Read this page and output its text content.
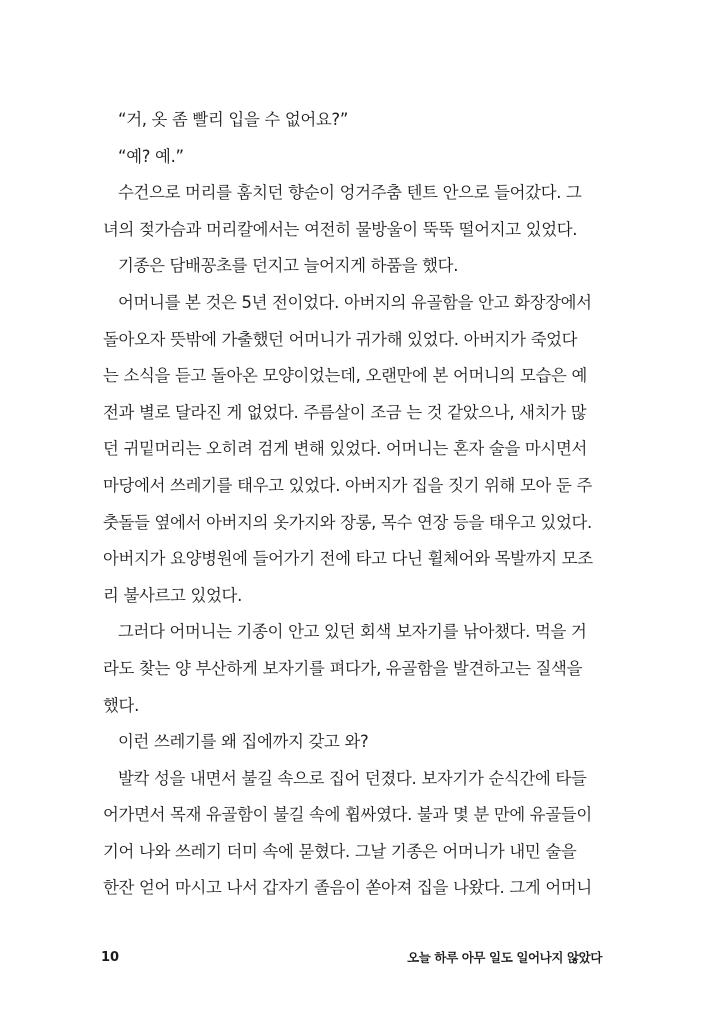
“거, 옷 좀 빨리 입을 수 없어요?”
“예? 예.”
수건으로 머리를 훔치던 향순이 엉거주춤 텐트 안으로 들어갔다. 그
녀의 젖가슴과 머리칼에서는 여전히 물방울이 뚝뚝 떨어지고 있었다.
기종은 담배꽁초를 던지고 늘어지게 하품을 했다.
어머니를 본 것은 5년 전이었다. 아버지의 유골함을 안고 화장장에서
돌아오자 뜻밖에 가출했던 어머니가 귀가해 있었다. 아버지가 죽었다
는 소식을 듣고 돌아온 모양이었는데, 오랜만에 본 어머니의 모습은 예
전과 별로 달라진 게 없었다. 주름살이 조금 는 것 같았으나, 새치가 많
던 귀밑머리는 오히려 검게 변해 있었다. 어머니는 혼자 술을 마시면서
마당에서 쓰레기를 태우고 있었다. 아버지가 집을 짓기 위해 모아 둔 주
춧돌들 옆에서 아버지의 옷가지와 장롱, 목수 연장 등을 태우고 있었다.
아버지가 요양병원에 들어가기 전에 타고 다닌 휠체어와 목발까지 모조
리 불사르고 있었다.
그러다 어머니는 기종이 안고 있던 회색 보자기를 낚아챘다. 먹을 거
라도 찾는 양 부산하게 보자기를 펴다가, 유골함을 발견하고는 질색을
했다.
이런 쓰레기를 왜 집에까지 갖고 와?
발칵 성을 내면서 불길 속으로 집어 던졌다. 보자기가 순식간에 타들
어가면서 목재 유골함이 불길 속에 휩싸였다. 불과 몇 분 만에 유골들이
기어 나와 쓰레기 더미 속에 묻혔다. 그날 기종은 어머니가 내민 술을
한잔 얻어 마시고 나서 갑자기 졸음이 쏟아져 집을 나왔다. 그게 어머니
10	오늘 하루 아무 일도 일어나지 않았다
